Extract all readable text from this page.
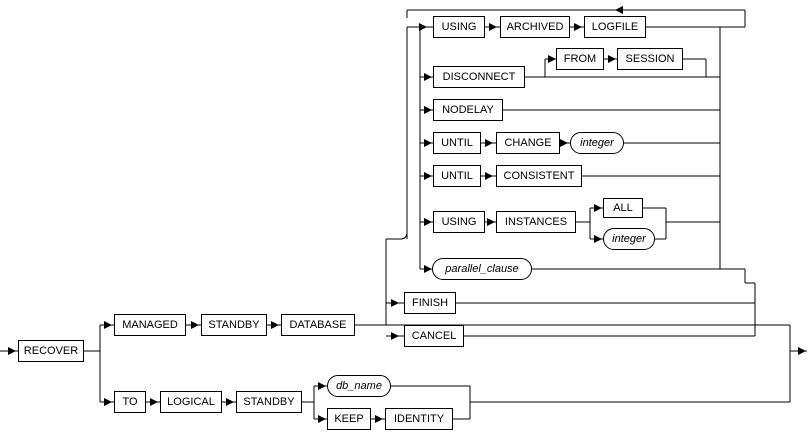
RECOVER
MANAGED	STANDBY	DATABASE
TO	LOGICAL	STANDBY
db_name
KEEP	IDENTITY
USING	ARCHIVED	LOGFILE
DISCONNECT
FROM	SESSION
NODELAY
UNTIL	CHANGE	integer
UNTIL	CONSISTENT
USING	INSTANCES
ALL
integer
parallel_clause
FINISH
CANCEL
